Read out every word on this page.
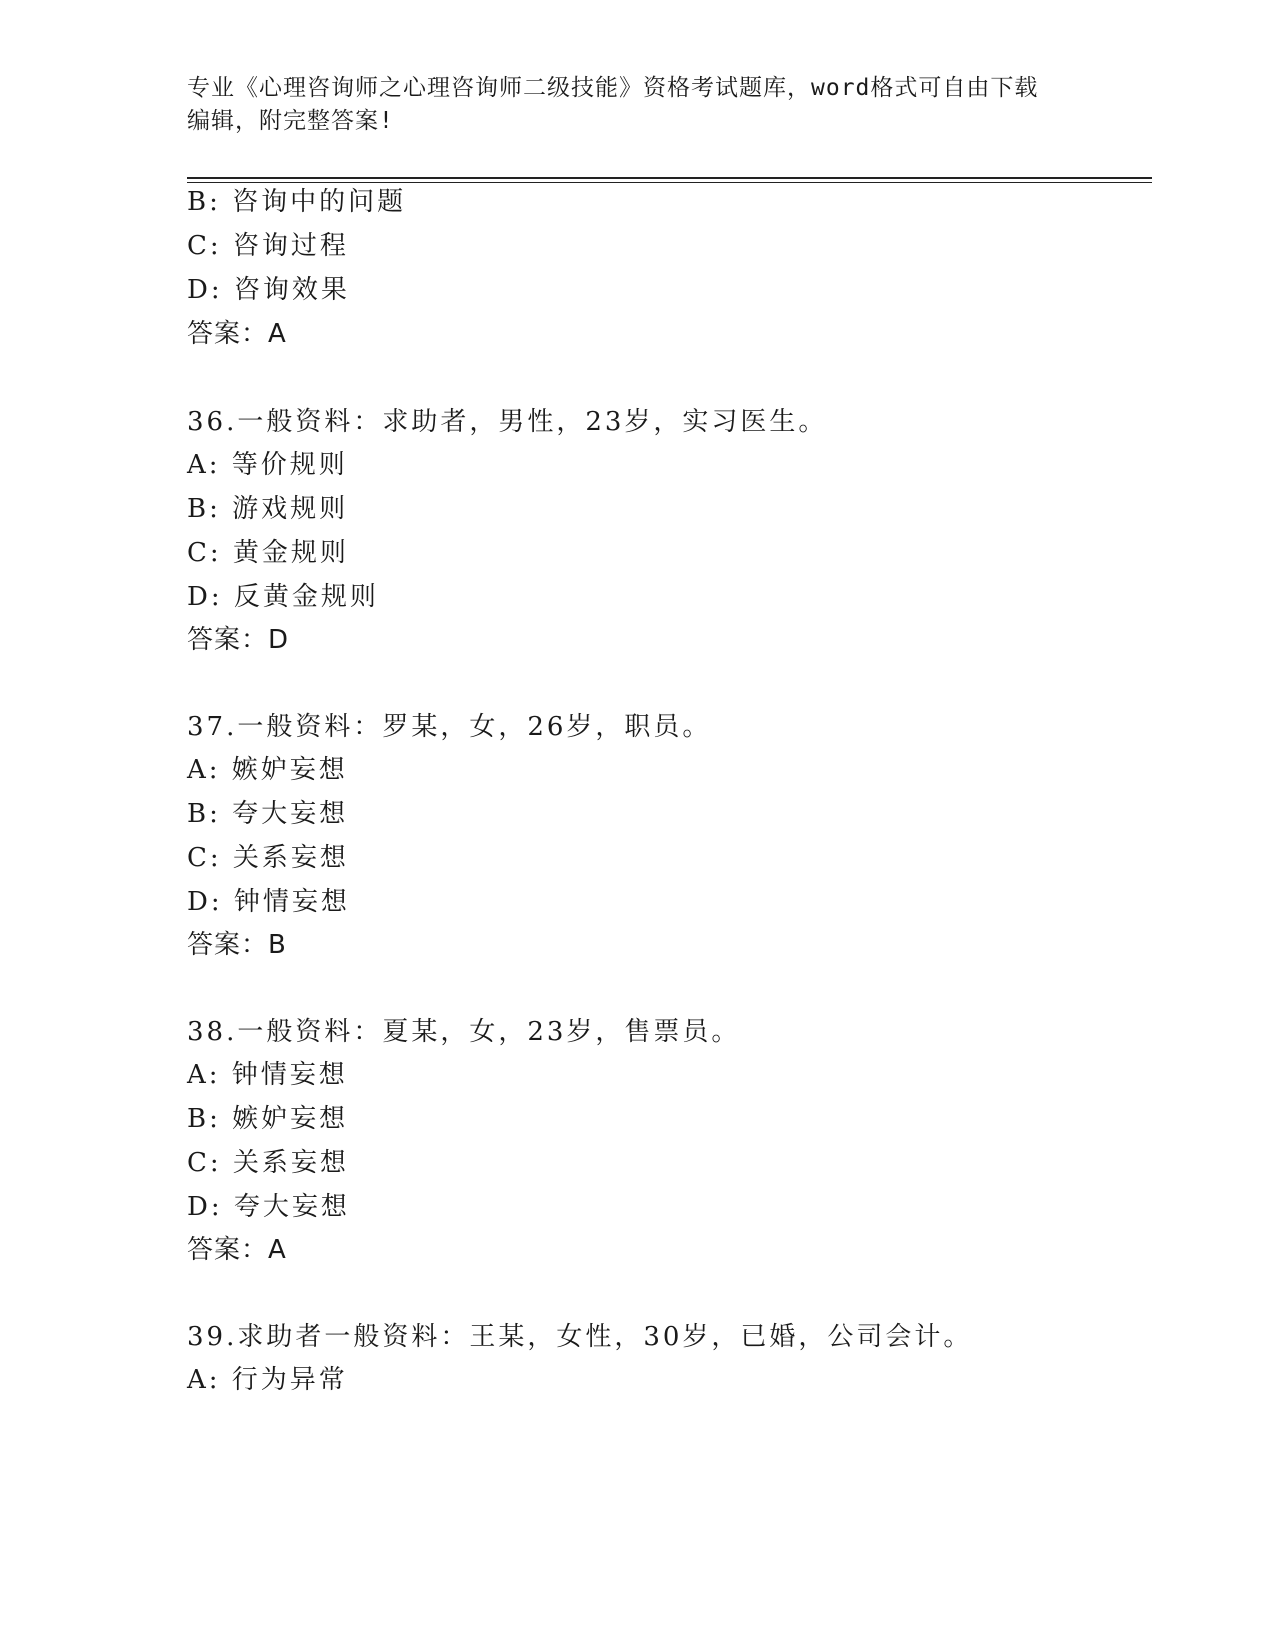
专业《心理咨询师之心理咨询师二级技能》资格考试题库，word格式可自由下载
编辑，附完整答案!
B: 咨询中的问题
C: 咨询过程
D: 咨询效果
答案：A
36.一般资料：求助者，男性，23岁，实习医生。
A: 等价规则
B: 游戏规则
C: 黄金规则
D: 反黄金规则
答案：D
37.一般资料：罗某，女，26岁，职员。
A: 嫉妒妄想
B: 夸大妄想
C: 关系妄想
D: 钟情妄想
答案：B
38.一般资料：夏某，女，23岁，售票员。
A: 钟情妄想
B: 嫉妒妄想
C: 关系妄想
D: 夸大妄想
答案：A
39.求助者一般资料：王某，女性，30岁，已婚，公司会计。
A: 行为异常
